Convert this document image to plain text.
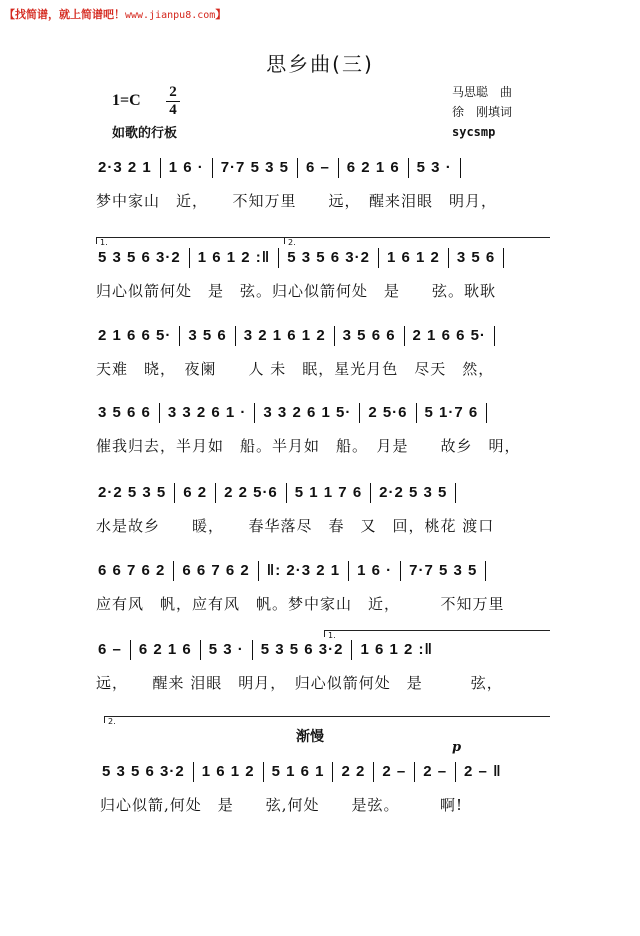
【找简谱，就上简谱吧！www.jianpu8.com】
思乡曲(三)
1=C 2
4
如歌的行板
马思聪　曲
徐　刚填词
sycsmp
2·3 2 1 1 6 · 7·7 5 3 5 6 – 6 2 1 6 5 3 ·
梦中家山　近，　　不知万里　　远，　醒来泪眼　明月，
1.	2.
5 3 5 6 3·2 1 6 1 2 :‖ 5 3 5 6 3·2 1 6 1 2 3 5 6
归心似箭何处　是　弦。归心似箭何处　是　　弦。耿耿
2 1 6 6 5· 3 5 6 3 2 1 6 1 2 3 5 6 6 2 1 6 6 5·
天难　晓，　夜阑　　人 未　眠，星光月色　尽天　然，
3 5 6 6 3 3 2 6 1 · 3 3 2 6 1 5· 2 5·6 5 1·7 6
催我归去，半月如　船。半月如　船。　月是　　故乡　明，
2·2 5 3 5 6 2 2 2 5·6 5 1 1 7 6 2·2 5 3 5
水是故乡　　暖，　　春华落尽　春　又　回，桃花 渡口
6 6 7 6 2 6 6 7 6 2 ‖: 2·3 2 1 1 6 · 7·7 5 3 5
应有风　帆，应有风　帆。梦中家山　近，　　　不知万里
1.
6 – 6 2 1 6 5 3 · 5 3 5 6 3·2 1 6 1 2 :‖
远，　　醒来 泪眼　明月，　归心似箭何处　是　　　弦，
2.
渐慢
p
5 3 5 6 3·2 1 6 1 2 5 1 6 1 2 2 2 – 2 – 2 – ‖
归心似箭,何处　是　　弦,何处　　是弦。　　　啊!
